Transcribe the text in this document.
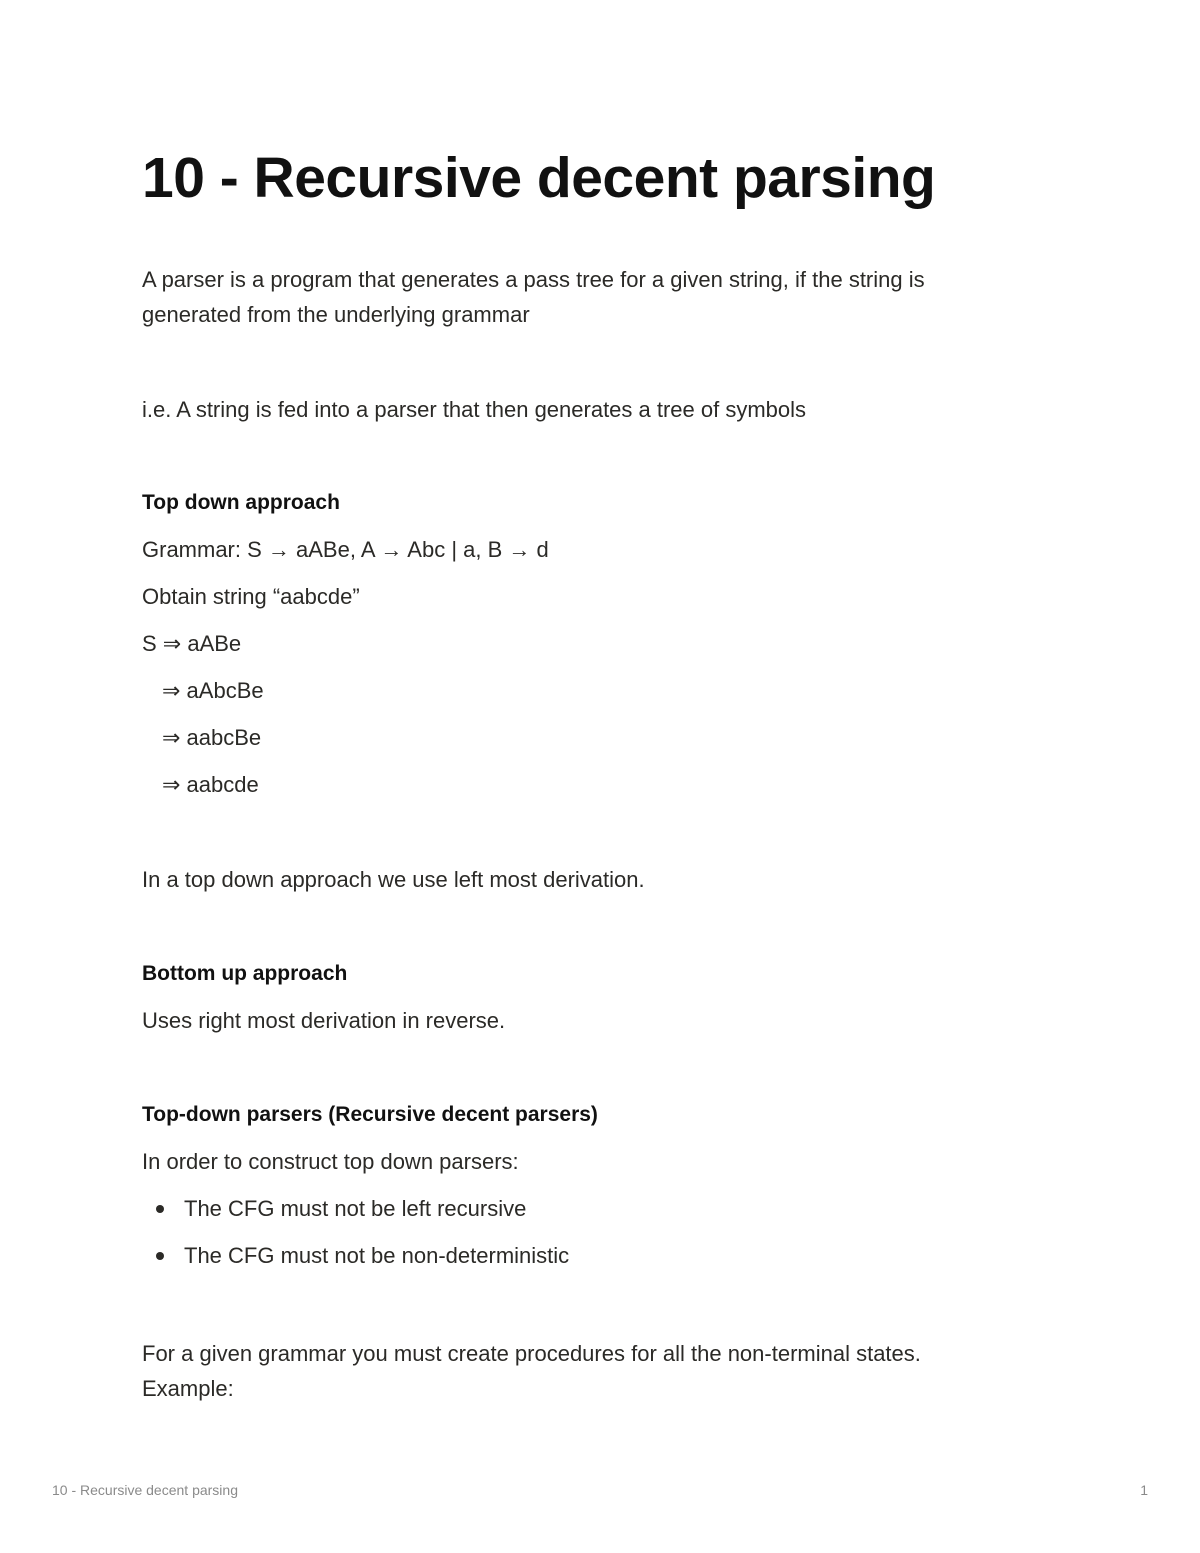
10 - Recursive decent parsing

A parser is a program that generates a pass tree for a given string, if the string is

generated from the underlying grammar

i.e. A string is fed into a parser that then generates a tree of symbols

Top down approach

Grammar: S → aABe, A → Abc | a, B → d

Obtain string “aabcde”

S ⇒ aABe

⇒ aAbcBe

⇒ aabcBe

⇒ aabcde

In a top down approach we use left most derivation.

Bottom up approach

Uses right most derivation in reverse.

Top-down parsers (Recursive decent parsers)

In order to construct top down parsers:

The CFG must not be left recursive
The CFG must not be non-deterministic

For a given grammar you must create procedures for all the non-terminal states.

Example:

10 - Recursive decent parsing	1
